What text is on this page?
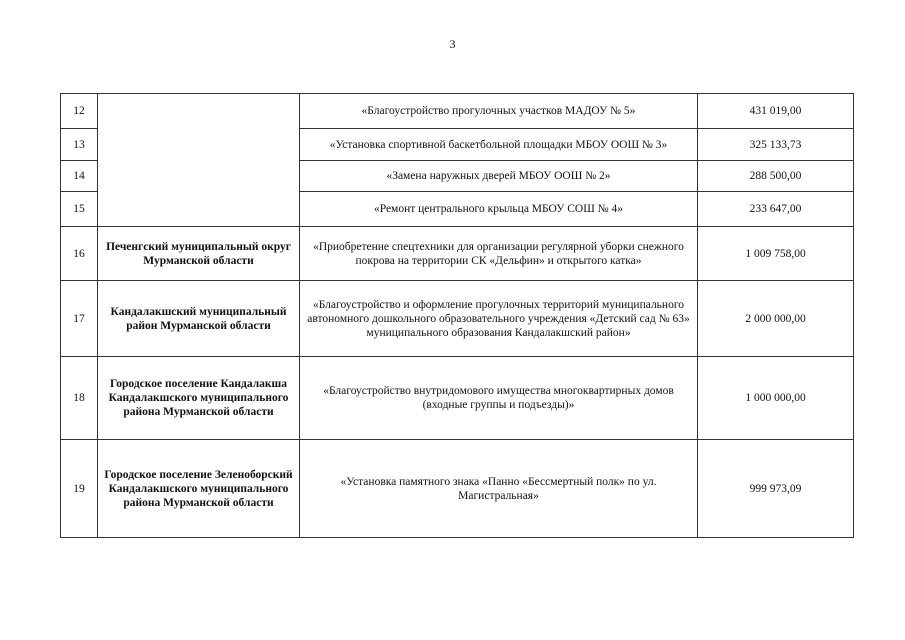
3
12		«Благоустройство прогулочных участков МАДОУ № 5»	431 019,00
13		«Установка спортивной баскетбольной площадки МБОУ ООШ № 3»	325 133,73
14		«Замена наружных дверей МБОУ ООШ № 2»	288 500,00
15		«Ремонт центрального крыльца МБОУ СОШ № 4»	233 647,00
16	Печенгский муниципальный округ Мурманской области	«Приобретение спецтехники для организации регулярной уборки снежного покрова на территории СК «Дельфин» и открытого катка»	1 009 758,00
17	Кандалакшский муниципальный район Мурманской области	«Благоустройство и оформление прогулочных территорий муниципального автономного дошкольного образовательного учреждения «Детский сад № 63» муниципального образования Кандалакшский район»	2 000 000,00
18	Городское поселение Кандалакша Кандалакшского муниципального района Мурманской области	«Благоустройство внутридомового имущества многоквартирных домов (входные группы и подъезды)»	1 000 000,00
19	Городское поселение Зеленоборский Кандалакшского муниципального района Мурманской области	«Установка памятного знака «Панно «Бессмертный полк» по ул. Магистральная»	999 973,09
